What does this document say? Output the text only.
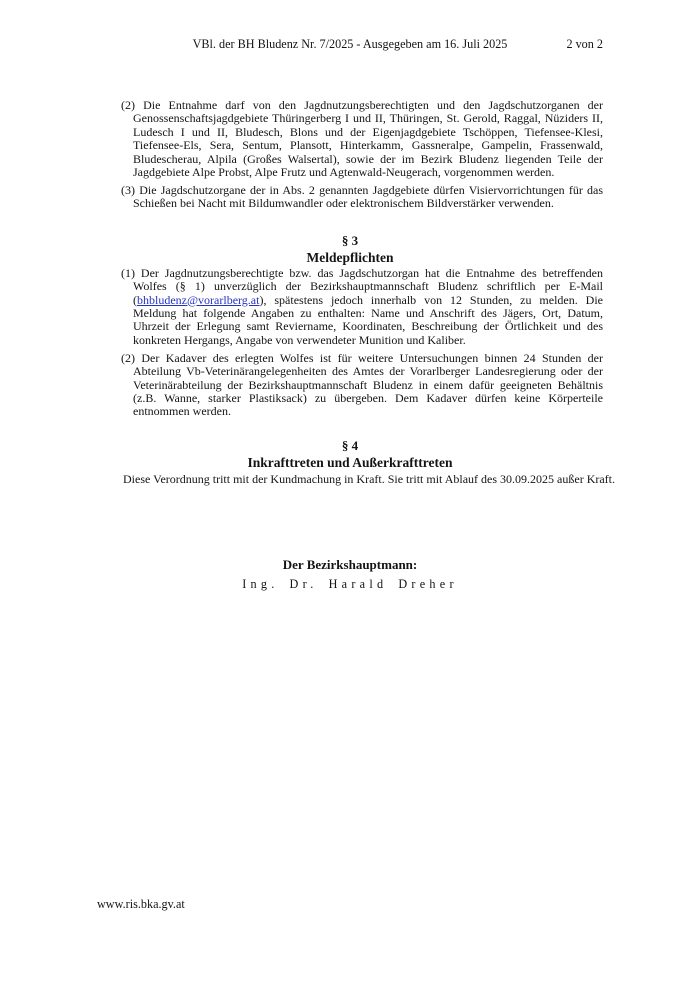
VBl. der BH Bludenz Nr. 7/2025 - Ausgegeben am 16. Juli 2025	2 von 2

(2) Die Entnahme darf von den Jagdnutzungsberechtigten und den Jagdschutzorganen der Genossenschaftsjagdgebiete Thüringerberg I und II, Thüringen, St. Gerold, Raggal, Nüziders II, Ludesch I und II, Bludesch, Blons und der Eigenjagdgebiete Tschöppen, Tiefensee-Klesi, Tiefensee-Els, Sera, Sentum, Plansott, Hinterkamm, Gassneralpe, Gampelin, Frassenwald, Bludescherau, Alpila (Großes Walsertal), sowie der im Bezirk Bludenz liegenden Teile der Jagdgebiete Alpe Probst, Alpe Frutz und Agtenwald-Neugerach, vorgenommen werden.

(3) Die Jagdschutzorgane der in Abs. 2 genannten Jagdgebiete dürfen Visiervorrichtungen für das Schießen bei Nacht mit Bildumwandler oder elektronischem Bildverstärker verwenden.

§ 3
Meldepflichten

(1) Der Jagdnutzungsberechtigte bzw. das Jagdschutzorgan hat die Entnahme des betreffenden Wolfes (§ 1) unverzüglich der Bezirkshauptmannschaft Bludenz schriftlich per E-Mail (bhbludenz@vorarlberg.at), spätestens jedoch innerhalb von 12 Stunden, zu melden. Die Meldung hat folgende Angaben zu enthalten: Name und Anschrift des Jägers, Ort, Datum, Uhrzeit der Erlegung samt Reviername, Koordinaten, Beschreibung der Örtlichkeit und des konkreten Hergangs, Angabe von verwendeter Munition und Kaliber.

(2) Der Kadaver des erlegten Wolfes ist für weitere Untersuchungen binnen 24 Stunden der Abteilung Vb-Veterinärangelegenheiten des Amtes der Vorarlberger Landesregierung oder der Veterinärabteilung der Bezirkshauptmannschaft Bludenz in einem dafür geeigneten Behältnis (z.B. Wanne, starker Plastiksack) zu übergeben. Dem Kadaver dürfen keine Körperteile entnommen werden.

§ 4
Inkrafttreten und Außerkrafttreten

Diese Verordnung tritt mit der Kundmachung in Kraft. Sie tritt mit Ablauf des 30.09.2025 außer Kraft.

Der Bezirkshauptmann:
Ing. Dr. Harald Dreher
www.ris.bka.gv.at
